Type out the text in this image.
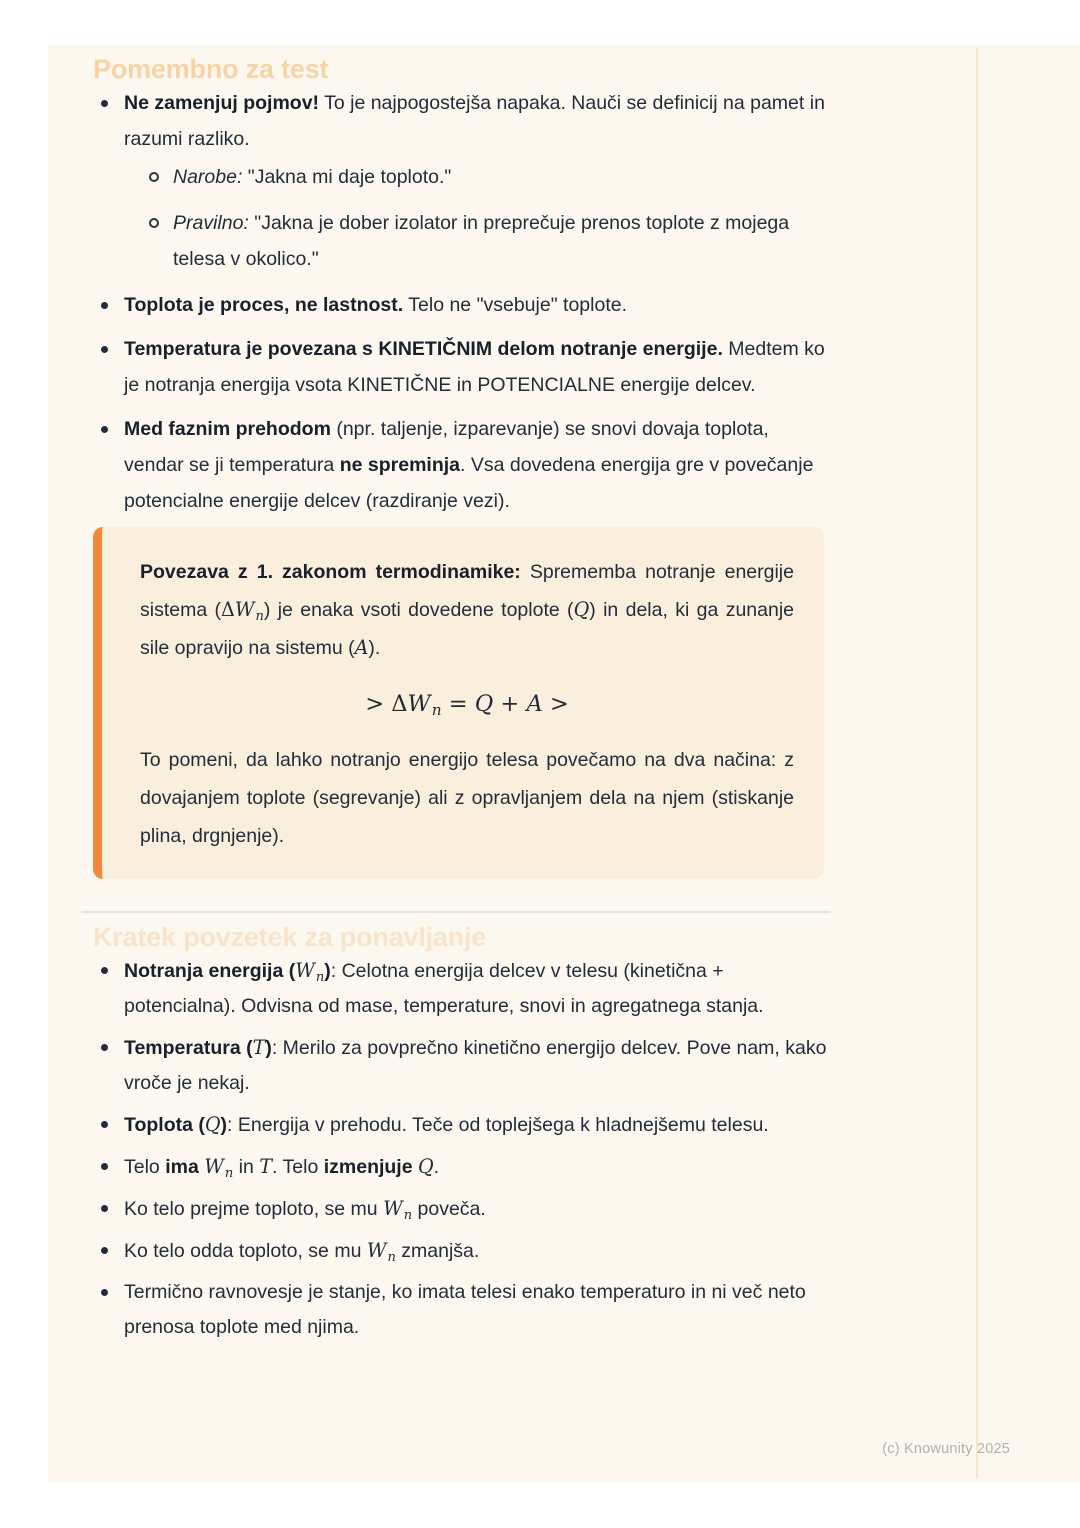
Pomembno za test
Ne zamenjuj pojmov! To je najpogostejša napaka. Nauči se definicij na pamet in razumi razliko.
Narobe: "Jakna mi daje toploto."
Pravilno: "Jakna je dober izolator in preprečuje prenos toplote z mojega telesa v okolico."
Toplota je proces, ne lastnost. Telo ne "vsebuje" toplote.
Temperatura je povezana s KINETIČNIM delom notranje energije. Medtem ko je notranja energija vsota KINETIČNE in POTENCIALNE energije delcev.
Med faznim prehodom (npr. taljenje, izparevanje) se snovi dovaja toplota, vendar se ji temperatura ne spreminja. Vsa dovedena energija gre v povečanje potencialne energije delcev (razdiranje vezi).

Povezava z 1. zakonom termodinamike: Sprememba notranje energije sistema $(\Delta W_n)$ je enaka vsoti dovedene toplote (Q) in dela, ki ga zunanje sile opravijo na sistemu (A).

> $\Delta W_n = Q + A$ >

To pomeni, da lahko notranjo energijo telesa povečamo na dva načina: z dovajanjem toplote (segrevanje) ali z opravljanjem dela na njem (stiskanje plina, drgnjenje).

Kratek povzetek za ponavljanje
Notranja energija $(W_n)$: Celotna energija delcev v telesu (kinetična + potencialna). Odvisna od mase, temperature, snovi in agregatnega stanja.
Temperatura (T): Merilo za povprečno kinetično energijo delcev. Pove nam, kako vroče je nekaj.
Toplota (Q): Energija v prehodu. Teče od toplejšega k hladnejšemu telesu.
Telo ima $W_n$ in T. Telo izmenjuje Q.
Ko telo prejme toploto, se mu $W_n$ poveča.
Ko telo odda toploto, se mu $W_n$ zmanjša.
Termično ravnovesje je stanje, ko imata telesi enako temperaturo in ni več neto prenosa toplote med njima.
(c) Knowunity 2025
